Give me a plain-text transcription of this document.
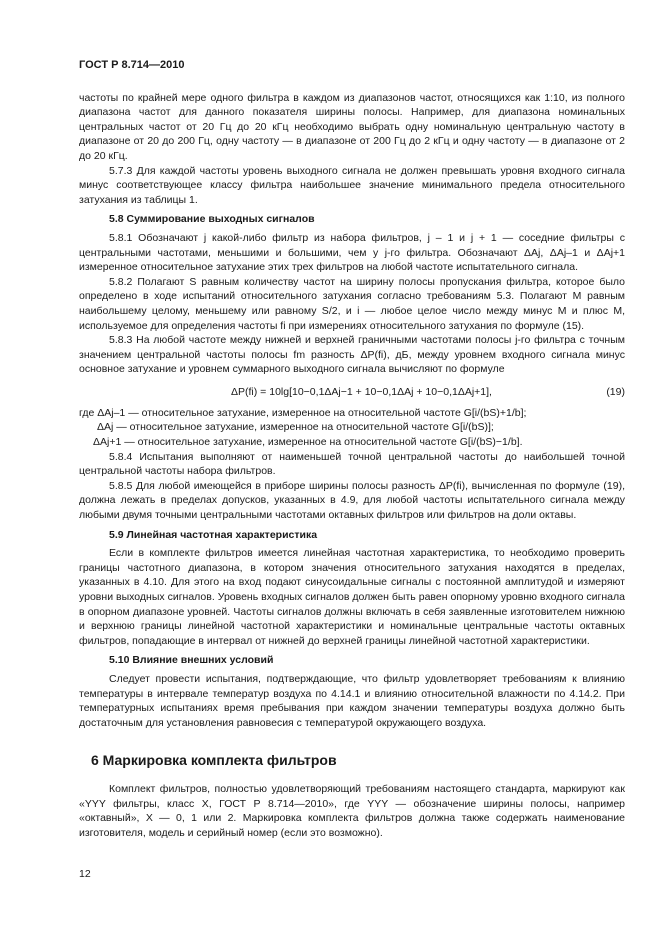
ГОСТ Р 8.714—2010

частоты по крайней мере одного фильтра в каждом из диапазонов частот, относящихся как 1:10, из полного диапазона частот для данного показателя ширины полосы. Например, для диапазона номинальных центральных частот от 20 Гц до 20 кГц необходимо выбрать одну номинальную центральную частоту в диапазоне от 20 до 200 Гц, одну частоту — в диапазоне от 200 Гц до 2 кГц и одну частоту — в диапазоне от 2 до 20 кГц.

5.7.3 Для каждой частоты уровень выходного сигнала не должен превышать уровня входного сигнала минус соответствующее классу фильтра наибольшее значение минимального предела относительного затухания из таблицы 1.

5.8 Суммирование выходных сигналов

5.8.1 Обозначают j какой-либо фильтр из набора фильтров, j – 1 и j + 1 — соседние фильтры с центральными частотами, меньшими и большими, чем у j-го фильтра. Обозначают ΔAj, ΔAj–1 и ΔAj+1 измеренное относительное затухание этих трех фильтров на любой частоте испытательного сигнала.

5.8.2 Полагают S равным количеству частот на ширину полосы пропускания фильтра, которое было определено в ходе испытаний относительного затухания согласно требованиям 5.3. Полагают M равным наибольшему целому, меньшему или равному S/2, и i — любое целое число между минус M и плюс M, используемое для определения частоты fi при измерениях относительного затухания по формуле (15).

5.8.3 На любой частоте между нижней и верхней граничными частотами полосы j-го фильтра с точным значением центральной частоты полосы fm разность ΔP(fi), дБ, между уровнем входного сигнала минус основное затухание и уровнем суммарного выходного сигнала вычисляют по формуле

ΔP(fi) = 10lg[10−0,1ΔAj−1 + 10−0,1ΔAj + 10−0,1ΔAj+1],	(19)
где ΔAj–1 — относительное затухание, измеренное на относительной частоте G[i/(bS)+1/b];
ΔAj — относительное затухание, измеренное на относительной частоте G[i/(bS)];
ΔAj+1 — относительное затухание, измеренное на относительной частоте G[i/(bS)−1/b].

5.8.4 Испытания выполняют от наименьшей точной центральной частоты до наибольшей точной центральной частоты набора фильтров.

5.8.5 Для любой имеющейся в приборе ширины полосы разность ΔP(fi), вычисленная по формуле (19), должна лежать в пределах допусков, указанных в 4.9, для любой частоты испытательного сигнала между любыми двумя точными центральными частотами октавных фильтров или фильтров на доли октавы.

5.9 Линейная частотная характеристика

Если в комплекте фильтров имеется линейная частотная характеристика, то необходимо проверить границы частотного диапазона, в котором значения относительного затухания находятся в пределах, указанных в 4.10. Для этого на вход подают синусоидальные сигналы с постоянной амплитудой и измеряют уровни выходных сигналов. Уровень входных сигналов должен быть равен опорному уровню входного сигнала в опорном диапазоне уровней. Частоты сигналов должны включать в себя заявленные изготовителем нижнюю и верхнюю границы линейной частотной характеристики и номинальные центральные частоты октавных фильтров, попадающие в интервал от нижней до верхней границы линейной частотной характеристики.

5.10 Влияние внешних условий

Следует провести испытания, подтверждающие, что фильтр удовлетворяет требованиям к влиянию температуры в интервале температур воздуха по 4.14.1 и влиянию относительной влажности по 4.14.2. При температурных испытаниях время пребывания при каждом значении температуры воздуха должно быть достаточным для установления равновесия с температурой окружающего воздуха.

6 Маркировка комплекта фильтров

Комплект фильтров, полностью удовлетворяющий требованиям настоящего стандарта, маркируют как «YYY фильтры, класс X, ГОСТ Р 8.714—2010», где YYY — обозначение ширины полосы, например «октавный», X — 0, 1 или 2. Маркировка комплекта фильтров должна также содержать наименование изготовителя, модель и серийный номер (если это возможно).

12
